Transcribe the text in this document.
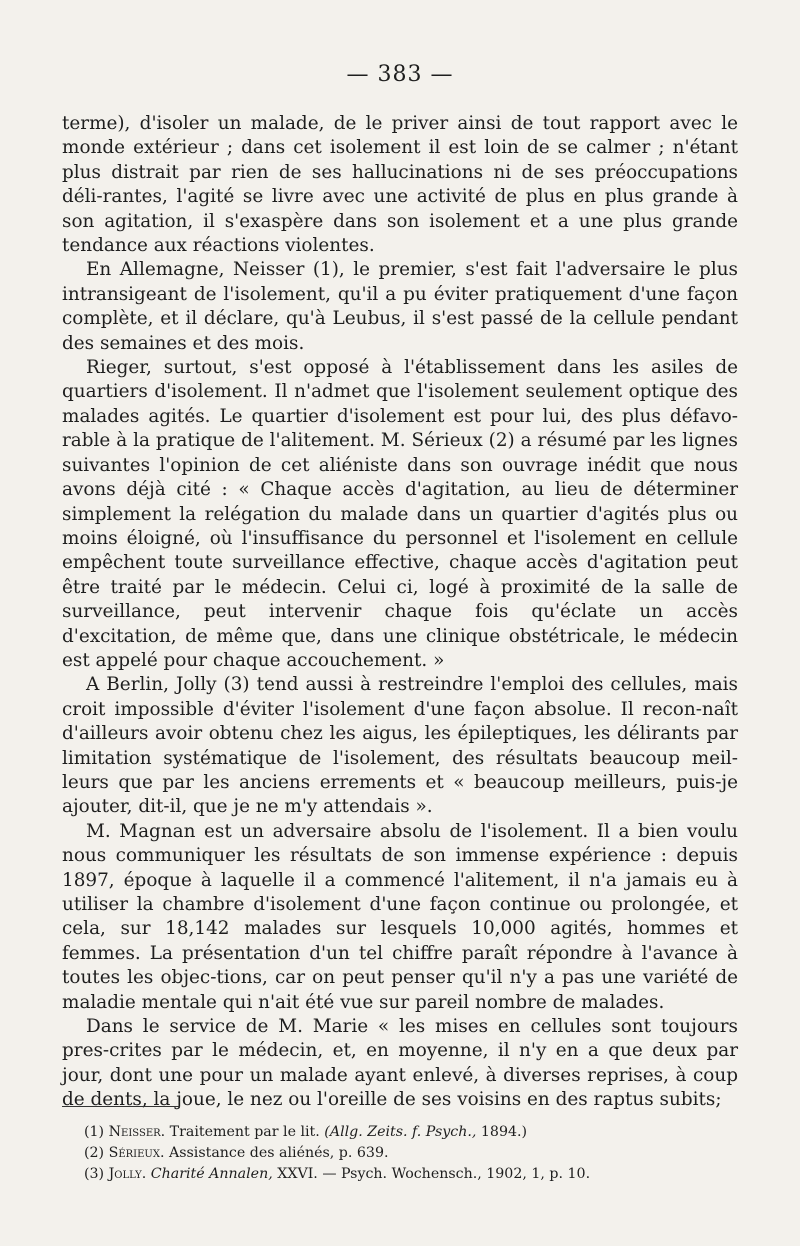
— 383 —

terme), d'isoler un malade, de le priver ainsi de tout rapport avec le monde extérieur ; dans cet isolement il est loin de se calmer ; n'étant plus distrait par rien de ses hallucinations ni de ses préoccupations déli-rantes, l'agité se livre avec une activité de plus en plus grande à son agitation, il s'exaspère dans son isolement et a une plus grande tendance aux réactions violentes.

En Allemagne, Neisser (1), le premier, s'est fait l'adversaire le plus intransigeant de l'isolement, qu'il a pu éviter pratiquement d'une façon complète, et il déclare, qu'à Leubus, il s'est passé de la cellule pendant des semaines et des mois.

Rieger, surtout, s'est opposé à l'établissement dans les asiles de quartiers d'isolement. Il n'admet que l'isolement seulement optique des malades agités. Le quartier d'isolement est pour lui, des plus défavo-rable à la pratique de l'alitement. M. Sérieux (2) a résumé par les lignes suivantes l'opinion de cet aliéniste dans son ouvrage inédit que nous avons déjà cité : « Chaque accès d'agitation, au lieu de déterminer simplement la relégation du malade dans un quartier d'agités plus ou moins éloigné, où l'insuffisance du personnel et l'isolement en cellule empêchent toute surveillance effective, chaque accès d'agitation peut être traité par le médecin. Celui ci, logé à proximité de la salle de surveillance, peut intervenir chaque fois qu'éclate un accès d'excitation, de même que, dans une clinique obstétricale, le médecin est appelé pour chaque accouchement. »

A Berlin, Jolly (3) tend aussi à restreindre l'emploi des cellules, mais croit impossible d'éviter l'isolement d'une façon absolue. Il recon-naît d'ailleurs avoir obtenu chez les aigus, les épileptiques, les délirants par limitation systématique de l'isolement, des résultats beaucoup meil-leurs que par les anciens errements et « beaucoup meilleurs, puis-je ajouter, dit-il, que je ne m'y attendais ».

M. Magnan est un adversaire absolu de l'isolement. Il a bien voulu nous communiquer les résultats de son immense expérience : depuis 1897, époque à laquelle il a commencé l'alitement, il n'a jamais eu à utiliser la chambre d'isolement d'une façon continue ou prolongée, et cela, sur 18,142 malades sur lesquels 10,000 agités, hommes et femmes. La présentation d'un tel chiffre paraît répondre à l'avance à toutes les objec-tions, car on peut penser qu'il n'y a pas une variété de maladie mentale qui n'ait été vue sur pareil nombre de malades.

Dans le service de M. Marie « les mises en cellules sont toujours pres-crites par le médecin, et, en moyenne, il n'y en a que deux par jour, dont une pour un malade ayant enlevé, à diverses reprises, à coup de dents, la joue, le nez ou l'oreille de ses voisins en des raptus subits;

(1) Neisser. Traitement par le lit. (Allg. Zeits. f. Psych., 1894.)
(2) Sérieux. Assistance des aliénés, p. 639.
(3) Jolly. Charité Annalen, XXVI. — Psych. Wochensch., 1902, 1, p. 10.
